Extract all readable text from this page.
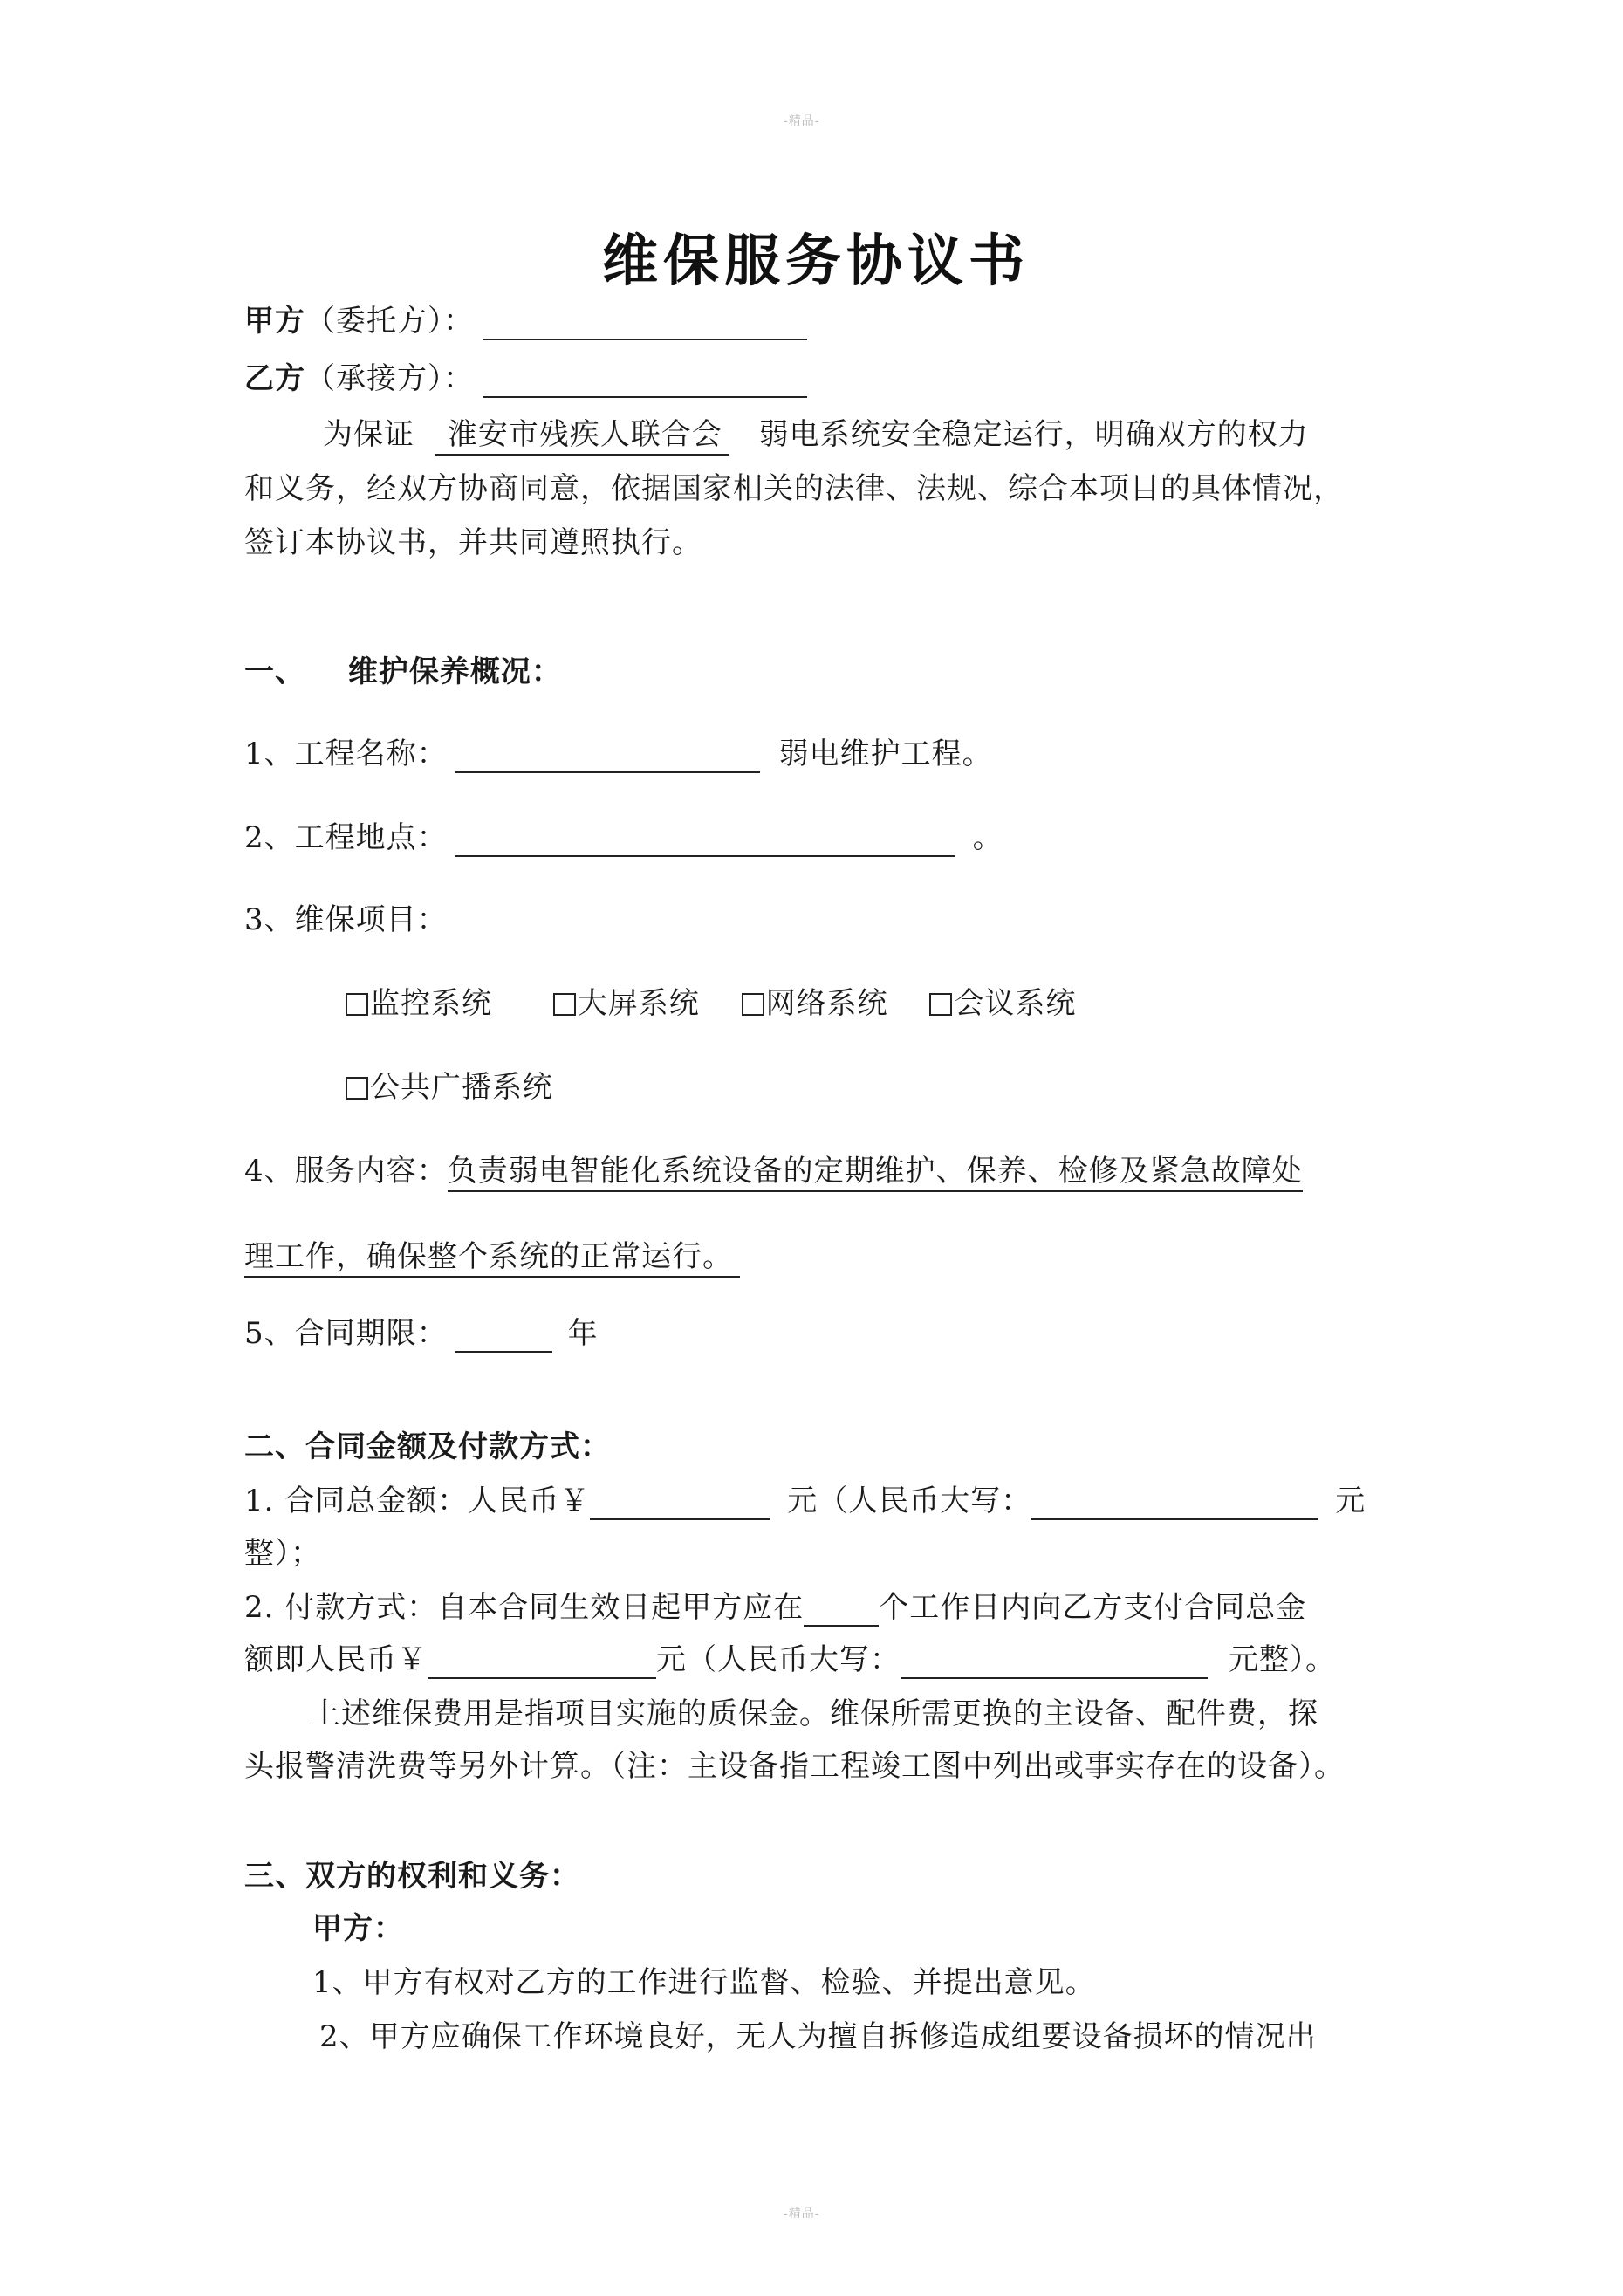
-精品-
维保服务协议书
甲方（委托方）：
乙方（承接方）：
为保证 淮安市残疾人联合会 弱电系统安全稳定运行，明确双方的权力
和义务，经双方协商同意，依据国家相关的法律、法规、综合本项目的具体情况，
签订本协议书，并共同遵照执行。
一、 维护保养概况：
1、工程名称：	弱电维护工程。
2、工程地点：	。
3、维保项目：
监控系统	大屏系统 网络系统 会议系统
公共广播系统
4、服务内容：负责弱电智能化系统设备的定期维护、保养、检修及紧急故障处
理工作，确保整个系统的正常运行。
5、合同期限：	年
二、合同金额及付款方式：
1. 合同总金额：人民币￥	元（人民币大写：	元
整）；
2. 付款方式：自本合同生效日起甲方应在	个工作日内向乙方支付合同总金
额即人民币￥	元（人民币大写：	元整）。
上述维保费用是指项目实施的质保金。维保所需更换的主设备、配件费，探
头报警清洗费等另外计算。（注：主设备指工程竣工图中列出或事实存在的设备）。
三、双方的权利和义务：
甲方：
1、甲方有权对乙方的工作进行监督、检验、并提出意见。
2、甲方应确保工作环境良好，无人为擅自拆修造成组要设备损坏的情况出
-精品-
